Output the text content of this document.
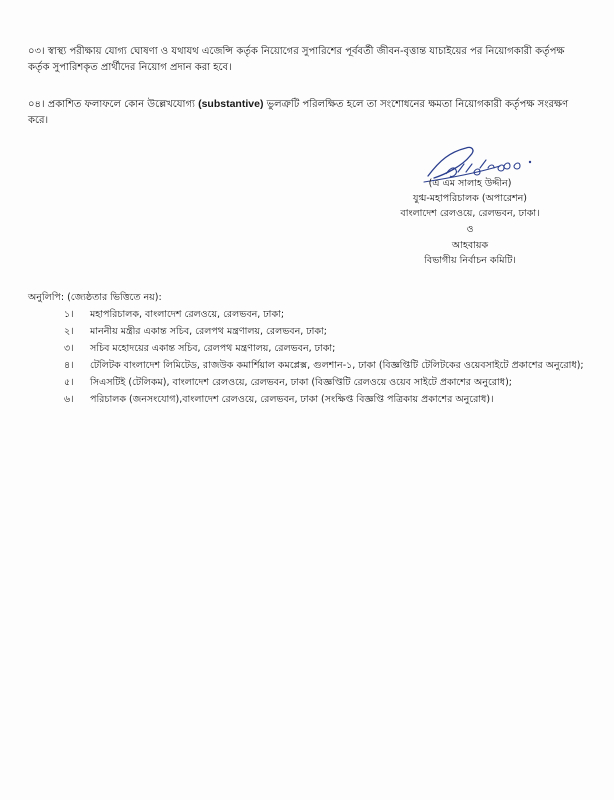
০৩। স্বাস্থ্য পরীক্ষায় যোগ্য ঘোষণা ও যথাযথ এজেন্সি কর্তৃক নিয়োগের সুপারিশের পূর্ববর্তী জীবন-বৃত্তান্ত যাচাইয়ের পর নিয়োগকারী কর্তৃপক্ষ কর্তৃক সুপারিশকৃত প্রার্থীদের নিয়োগ প্রদান করা হবে।

০৪। প্রকাশিত ফলাফলে কোন উল্লেখযোগ্য (substantive) ভুলত্রুটি পরিলক্ষিত হলে তা সংশোধনের ক্ষমতা নিয়োগকারী কর্তৃপক্ষ সংরক্ষণ করে।

(এ এম সালাহ উদ্দীন)
যুগ্ম-মহাপরিচালক (অপারেশন)
বাংলাদেশ রেলওয়ে, রেলভবন, ঢাকা।
ও
আহবায়ক
বিভাগীয় নির্বাচন কমিটি।
অনুলিপি: (জ্যেষ্ঠতার ভিত্তিতে নয়):
১। মহাপরিচালক, বাংলাদেশ রেলওয়ে, রেলভবন, ঢাকা;
২। মাননীয় মন্ত্রীর একান্ত সচিব, রেলপথ মন্ত্রণালয়, রেলভবন, ঢাকা;
৩। সচিব মহোদয়ের একান্ত সচিব, রেলপথ মন্ত্রণালয়, রেলভবন, ঢাকা;
৪। টেলিটক বাংলাদেশ লিমিটেড, রাজউক কমার্শিয়াল কমপ্লেক্স, গুলশান-১, ঢাকা (বিজ্ঞপ্তিটি টেলিটকের ওয়েবসাইটে প্রকাশের অনুরোধ);
৫। সিএসটিই (টেলিকম), বাংলাদেশ রেলওয়ে, রেলভবন, ঢাকা (বিজ্ঞপ্তিটি রেলওয়ে ওয়েব সাইটে প্রকাশের অনুরোধ);
৬। পরিচালক (জনসংযোগ),বাংলাদেশ রেলওয়ে, রেলভবন, ঢাকা (সংক্ষিপ্ত বিজ্ঞপ্তি পত্রিকায় প্রকাশের অনুরোধ)।
